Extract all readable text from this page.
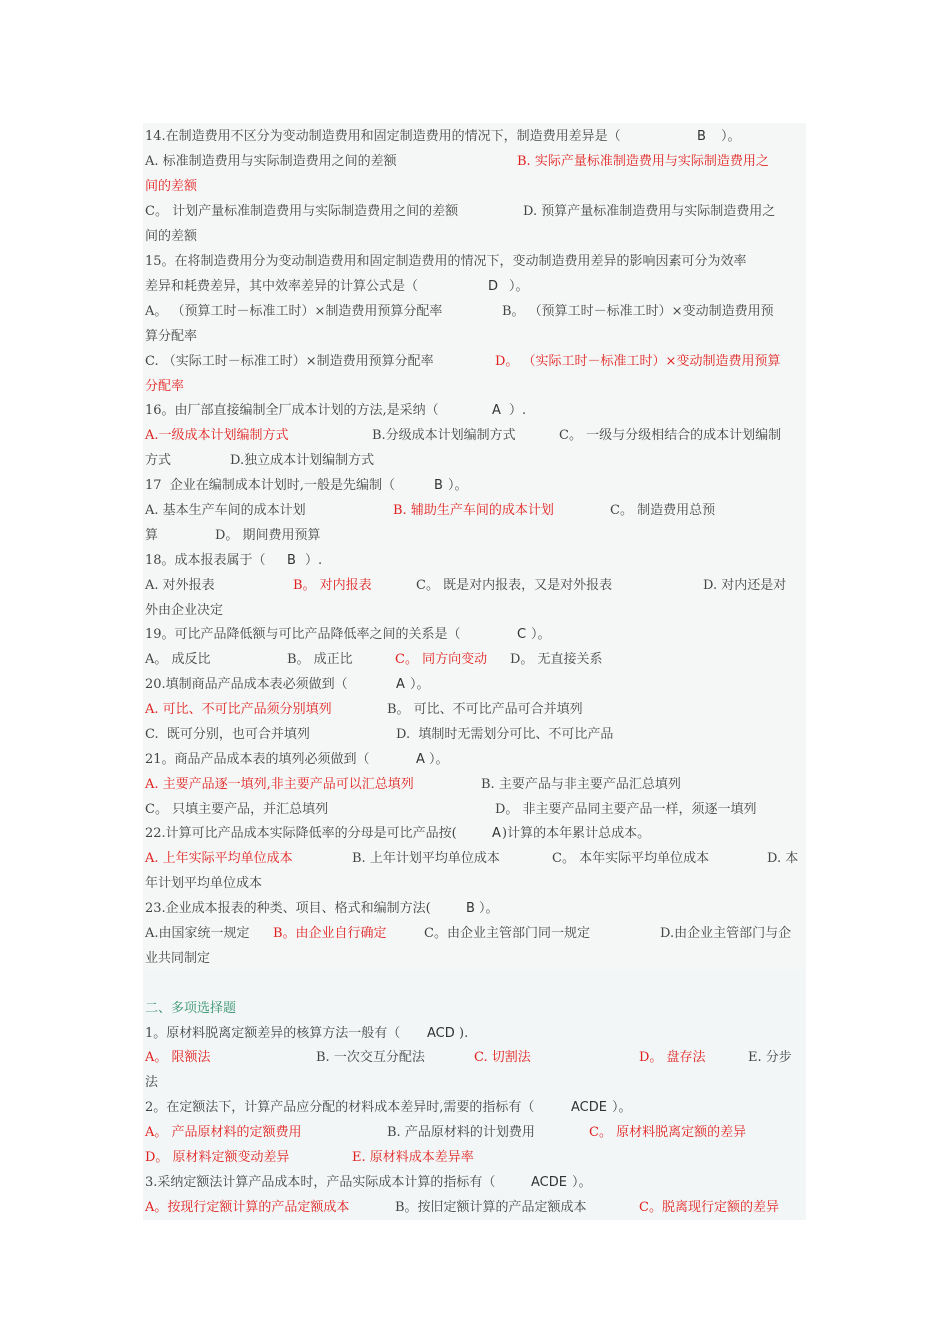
14.在制造费用不区分为变动制造费用和固定制造费用的情况下，制造费用差异是（

	B

）。

A. 标准制造费用与实际制造费用之间的差额

	B. 实际产量标准制造费用与实际制造费用之

间的差额

C。 计划产量标准制造费用与实际制造费用之间的差额

	D. 预算产量标准制造费用与实际制造费用之

间的差额

15。在将制造费用分为变动制造费用和固定制造费用的情况下，变动制造费用差异的影响因素可分为效率

差异和耗费差异，其中效率差异的计算公式是（

	D

）。

A。 （预算工时－标准工时）×制造费用预算分配率

	B。 （预算工时－标准工时）×变动制造费用预

算分配率

C. （实际工时－标准工时）×制造费用预算分配率

	D。 （实际工时－标准工时）×变动制造费用预算

分配率

16。由厂部直接编制全厂成本计划的方法,是采纳（

	A

）.

A.一级成本计划编制方式

	B.分级成本计划编制方式

	C。 一级与分级相结合的成本计划编制

方式

	D.独立成本计划编制方式

17  企业在编制成本计划时,一般是先编制（

	B

）。

A. 基本生产车间的成本计划

	B. 辅助生产车间的成本计划

	C。 制造费用总预

算

	D。 期间费用预算

18。成本报表属于（

B

）.

A. 对外报表

	B。 对内报表

	C。 既是对内报表，又是对外报表

	D. 对内还是对

外由企业决定

19。可比产品降低额与可比产品降低率之间的关系是（

	C

）。

A。 成反比

	B。 成正比

	C。 同方向变动

D。 无直接关系

20.填制商品产品成本表必须做到（

	A

）。

A. 可比、不可比产品须分别填列

	B。 可比、不可比产品可合并填列

C.  既可分别，也可合并填列

	D.  填制时无需划分可比、不可比产品

21。商品产品成本表的填列必须做到（

	A

）。

A. 主要产品逐一填列,非主要产品可以汇总填列

	B. 主要产品与非主要产品汇总填列

C。 只填主要产品，并汇总填列

	D。 非主要产品同主要产品一样，须逐一填列

22.计算可比产品成本实际降低率的分母是可比产品按(

	A

)计算的本年累计总成本。

A. 上年实际平均单位成本

	B. 上年计划平均单位成本

	C。 本年实际平均单位成本

	D. 本

年计划平均单位成本

23.企业成本报表的种类、项目、格式和编制方法(

	B

）。

A.由国家统一规定

B。由企业自行确定

	C。由企业主管部门同一规定

	D.由企业主管部门与企

业共同制定

二、多项选择题

1。原材料脱离定额差异的核算方法一般有（

ACD

).

A。 限额法

	B. 一次交互分配法

	C. 切割法

	D。 盘存法

	E. 分步

法

2。在定额法下，计算产品应分配的材料成本差异时,需要的指标有（

	ACDE

）。

A。 产品原材料的定额费用

	B. 产品原材料的计划费用

	C。 原材料脱离定额的差异

D。 原材料定额变动差异

	E. 原材料成本差异率

3.采纳定额法计算产品成本时，产品实际成本计算的指标有（

	ACDE

）。

A。按现行定额计算的产品定额成本

	B。按旧定额计算的产品定额成本

	C。脱离现行定额的差异
